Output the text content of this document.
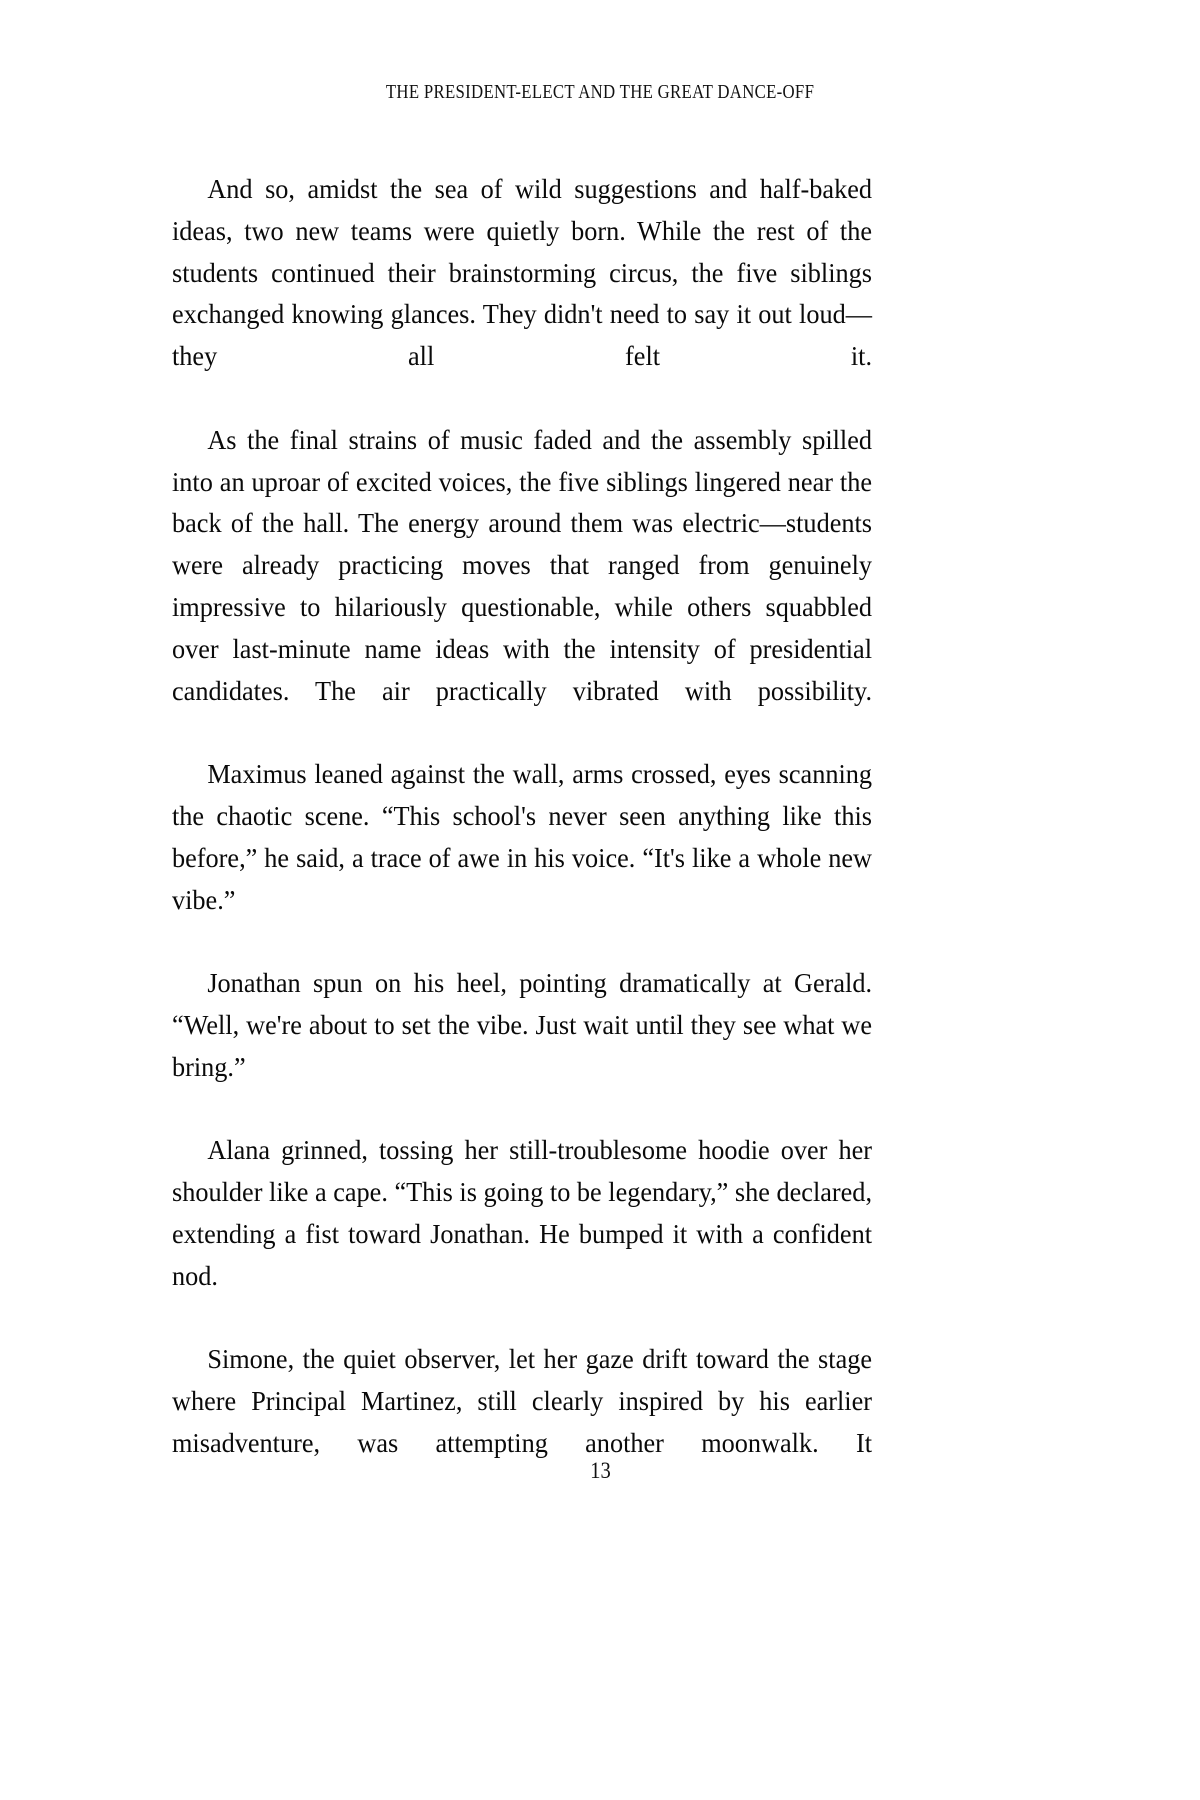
THE PRESIDENT-ELECT AND THE GREAT DANCE-OFF

And so, amidst the sea of wild suggestions and half-baked ideas, two new teams were quietly born. While the rest of the students continued their brainstorming circus, the five siblings exchanged knowing glances. They didn't need to say it out loud—they all felt it.

As the final strains of music faded and the assembly spilled into an uproar of excited voices, the five siblings lingered near the back of the hall. The energy around them was electric—students were already practicing moves that ranged from genuinely impressive to hilariously questionable, while others squabbled over last-minute name ideas with the intensity of presidential candidates. The air practically vibrated with possibility.

Maximus leaned against the wall, arms crossed, eyes scanning the chaotic scene. “This school's never seen anything like this before,” he said, a trace of awe in his voice. “It's like a whole new vibe.”

Jonathan spun on his heel, pointing dramatically at Gerald. “Well, we're about to set the vibe. Just wait until they see what we bring.”

Alana grinned, tossing her still-troublesome hoodie over her shoulder like a cape. “This is going to be legendary,” she declared, extending a fist toward Jonathan. He bumped it with a confident nod.

Simone, the quiet observer, let her gaze drift toward the stage where Principal Martinez, still clearly inspired by his earlier misadventure, was attempting another moonwalk. It

13
